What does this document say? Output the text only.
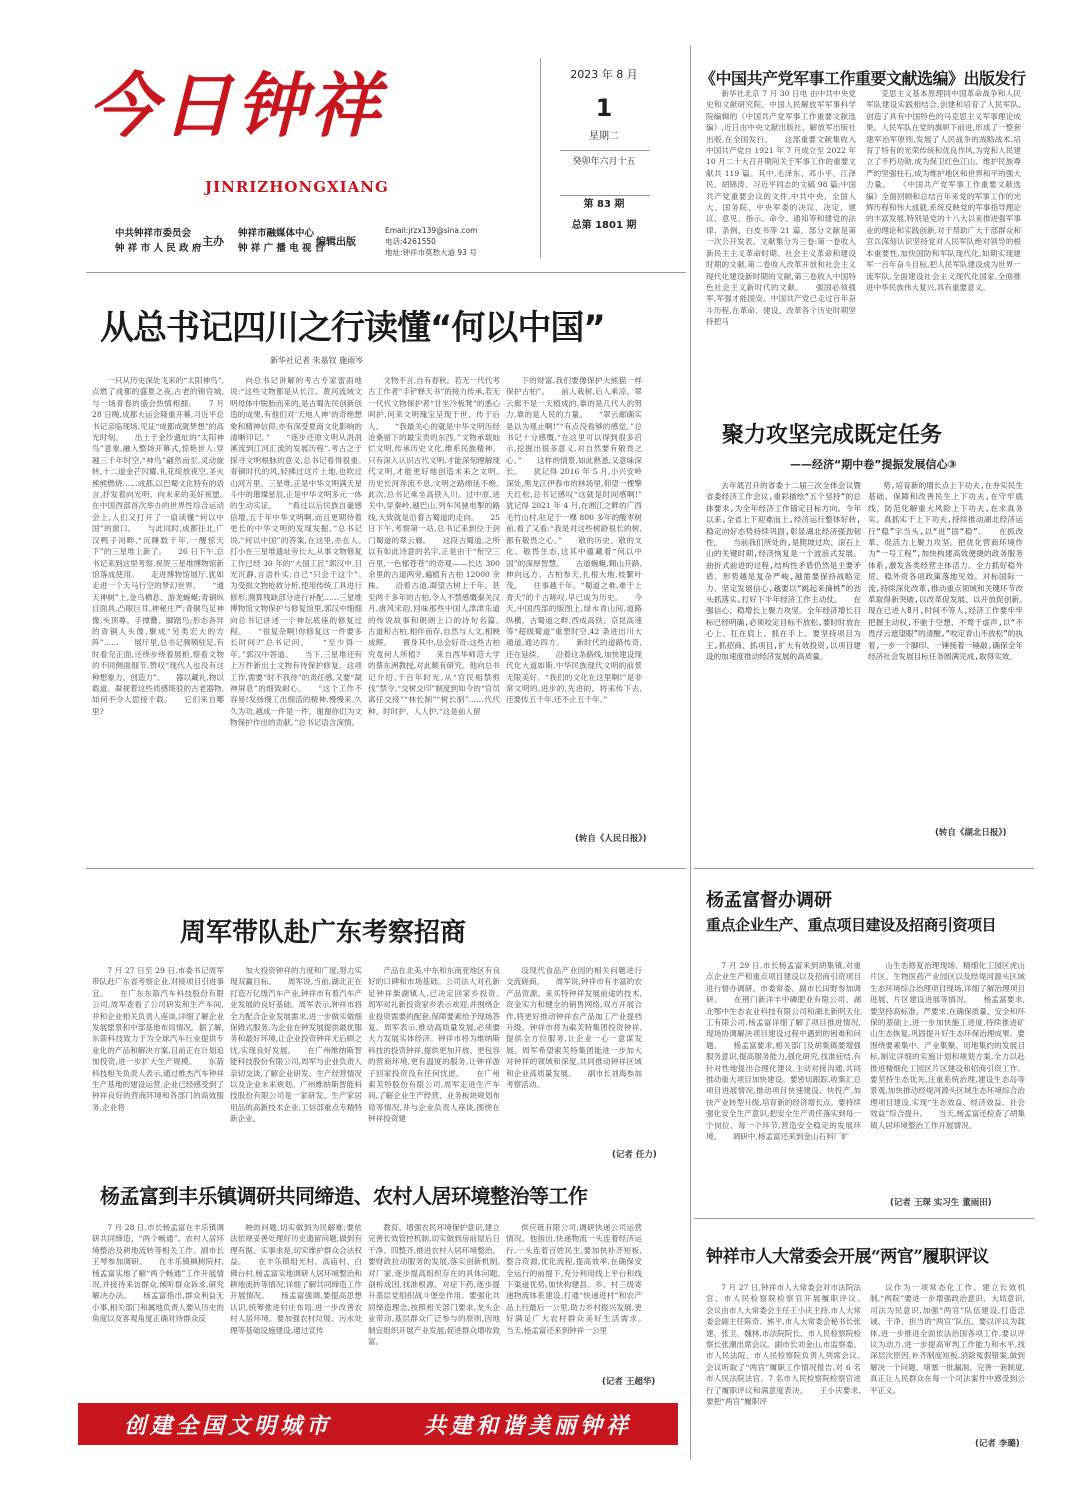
今日钟祥
JINRIZHONGXIANG
中共钟祥市委员会
钟 祥 市 人 民 政 府
主办
钟祥市融媒体中心
钟 祥 广 播 电 视 台
编辑出版
Email:jrzx139@sina.com
电话:4261550
地址:钟祥市莫愁大道 93 号
2023 年 8 月
1
星期二
癸卯年六月十五
第 83 期
总第 1801 期
《中国共产党军事工作重要文献选编》出版发行

新华社北京 7 月 30 日电 由中共中央党史和文献研究院、中国人民解放军军事科学院编辑的《中国共产党军事工作重要文献选编》,近日由中央文献出版社、解放军出版社出版,在全国发行。　　这部重要文献集收入中国共产党自 1921 年 7 月成立至 2022 年 10 月二十大召开期间关于军事工作的重要文献共 119 篇。其中,毛泽东、邓小平、江泽民、胡锦涛、习近平同志的文稿 98 篇;中国共产党重要会议的文件,中共中央、全国人大、国务院、中央军委的决议、决定、建议、意见、指示、命令、通知等和建党的法律、条例、白皮书等 21 篇。部分文献是第一次公开发表。文献集分为三卷:第一卷收入新民主主义革命时期、社会主义革命和建设时期的文献,第二卷收入改革开放和社会主义现代化建设新时期的文献,第三卷收入中国特色社会主义新时代的文献。　　强国必须强军,军强才能国安。中国共产党已走过百年奋斗历程,在革命、建设、改革各个历史时期坚持把马

克思主义基本原理同中国革命战争和人民军队建设实践相结合,创建和培育了人民军队,创造了具有中国特色的马克思主义军事理论成果。人民军队在党的旗帜下前进,形成了一整套建军治军原则,发展了人民战争的战略战术,培育了特有的光荣传统和优良作风,为党和人民建立了不朽功勋,成为保卫红色江山、维护民族尊严的坚强柱石,成为维护地区和世界和平的强大力量。　　《中国共产党军事工作重要文献选编》全面回顾和总结百年来党的军事工作的光辉历程和伟大成就,系统反映党的军事指导理论的丰富发展,特别是党的十八大以来推进强军事业的理论和实践创新,对于帮助广大干部群众和官兵深刻认识坚持党对人民军队绝对领导的根本重要性,加快国防和军队现代化,如期实现建军一百年奋斗目标,把人民军队建设成为世界一流军队,全面建设社会主义现代化国家,全面推进中华民族伟大复兴,具有重要意义。

从总书记四川之行读懂“何以中国”
新华社记者 朱基钗 施雨岑

一只从历史深处飞来的“太阳神鸟”,点燃了成都的盛夏之夜,古老的锦官城,与一场青春的盛会热情相拥。　　7 月 28 日晚,成都大运会隆重开幕,习近平总书记亲临现场,见证“成都成就梦想”的高光时刻。　　出土于金沙遗址的“太阳神鸟”意象,融入整场开幕式,惊艳世人:穿越三千年时空,“神鸟”翩然而至,灵动旋转,十二道金芒闪耀,礼花绽放夜空,圣火熊熊燃烧……成都,以巴蜀文化特有的语言,抒发着向光明、向未来的美好祝愿。　　在中国西部首次举办的世界性综合运动会上,人们又打开了一扇读懂“何以中国”的窗口。　　与此同时,成都往北,广汉鸭子河畔,“沉睡数千年,一醒惊天下”的三星堆上新了。　　26 日下午,总书记来到这里考察,祝贺三星堆博物馆新馆落成使用。　　走进博物馆展厅,犹如走进一个天马行空的梦幻世界。　　“通天神树”上,金乌栖息、游龙蜿蜒;青铜纵目面具,凸眼巨耳,神秘庄严;青铜鸟足神像,头顶尊、手撑罍、脚踏鸟;形态各异的青铜人头像,聚成“另类宏大的方阵”……　　展厅里,总书记频频驻足,有时看完正面,还绕步绕着展柜,察看文物的不同侧面细节,赞叹“现代人也没有这种想象力、创造力”。　　器以藏礼,物以载道。凝视着这些质感斑驳的古老器物,如何不令人思接千载。　　它们来自哪里?

向总书记讲解的考古专家雷雨地说:“这些文物都是从长江、黄河流域文明母体中脱胎而来的,是古蜀先民创新创造的成果,有他们对‘天地人神’的奇绝想象和精神信仰,亦有深受夏商文化影响的清晰印记。”　　“逐步还原文明从涓涓溪流到江河汇流的发展历程”,考古之于探寻文明根脉的意义,总书记看得很重。　　青铜时代的风,轻拂过这片土地,也吹过山河万里。三星堆,正是中华文明满天星斗中的璀璨星辰,正是中华文明多元一体的生动实证。　　“看过以后民族自豪感倍增,五千年中华文明啊,而且更期待着更长的中华文明的发现发掘。”总书记说,“何以中国”的答案,在这里,亦在人。　　打小在三星堆遗址旁长大,从事文物修复工作已经 30 年的“大国工匠”郭汉中,目光沉静,言语朴实;自己“只会干这个”。　　为受损文物抢救分析,使用传统工具进行修形,测算残缺部分进行补配……三星堆博物馆文物保护与修复馆里,郭汉中细细向总书记讲述一个神坛底座的修复过程。　　“很复杂啊!你修复这一件要多长时间?”总书记问。　　“至少得一年。”郭汉中答道。　　当下,三星堆还有上万件新出土文物有待保护修复。这项工作,需要“时不我待”的责任感,又要“凝神屏息”的细致耐心。　　“这个工作不容易!发扬慢工出细活的精神,慢慢来,久久为功,越成一件是一件。谢谢你们为文物保护作出的贡献。”总书记语含深情。

文物不言,自有春秋。若无一代代考古工作者“手铲释天书”的接力传承,若无一代代文物保护者“甘坐冷板凳”的悉心呵护,何来文明瑰宝呈现于世、传于后人。　　“我最关心的就是中华文明历经沧桑留下的最宝贵的东西。”文物承载灿烂文明,传承历史文化,维系民族精神。只有深入认识古代文明,才能深刻理解现代文明,才能更好地创造未来之文明。　　历史长河奔流不息,文明之路绵延不绝。　　此次,总书记乘坐高铁入川。过中原,进关中,穿秦岭,越巴山,列车风驰电掣的路线,大致就是沿着古蜀道的走向。　　25 日下午,考察第一站,总书记来到位于剑门蜀道的翠云廊。　　这段古蜀道,之所以有如此诗意的名字,正是由于“衔空三百里,一色郁苍苍”的奇观——长达 300 余里的古道两旁,遍植有古柏 12000 余株。　　沿着古道,凝望古树上千年、甚至两千多年的古柏,令人不禁感慨秦关汉月,唐风宋韵,回味那些中国人津津乐道的传说故事和朗朗上口的诗句名篇。　　古道和古柏,相伴而存,自然与人文,相映成辉。　　置身其中,总会好奇:这些古柏究竟何人所植?　　来自西华师范大学的蔡东洲教授,对此颇有研究。他向总书记介绍,千百年时光,从“官民相禁剪伐”禁令,“交树交印”制度到如今的“官员离任交接”“林长制”“树长制”……代代种、时时护、人人护,“这是前人留

下的财富,我们要像保护大熊猫一样保护古柏”。　　前人栽树,后人乘凉。翠云廊不是一天植成的,靠的是几代人的努力,靠的是人民的力量。　　“翠云廊确实是以为观止啊!”“有点没看够的感觉。”总书记十分感慨,“在这里可以得到很多启示,挖掘出很多意义,对自然要有敬畏之心。”　　这样的情景,如此熟悉,又意味深长。　　犹记得 2016 年 5 月,小兴安岭深处,黑龙江伊春市的林场里,仰望一棵擎天红松,总书记感叹“这就是时间感啊!”　　犹记得 2021 年 4 月,在湘江之畔的广西毛竹山村,驻足于一棵 800 多年的酸枣树前,看了又看:“我是对这些树龄很长的树,都有敬畏之心。”　　敬的历史、敬的文化、敬畏生态,这其中蕴藏着“何以中国”的深厚智慧。　　古道蜿蜒,翱山开路,伸向远方。古柏参天,扎根大地,枝繁叶茂。　　往事越千年。“蜀道之难,难于上青天”的千古嗟叹,早已成为历史。　　今天,中国西部的版图上,绿水青山间,道路纵横。古蜀道之畔,西成高铁、京昆高速等“超级蜀道”重塑时空,42 条进出川大通道,通达四方。　　新时代的道路传奇,还在延续。　　沿着这条路线,加快建设现代化大道如斯,中华民族现代文明的前景无限美好。“我们的文化在这里啊!”是非常文明的,进步的,先进的。将来传下去,还要传五千年,还不止五千年。”

(转自《人民日报》)
聚力攻坚完成既定任务
——经济“期中卷”提振发展信心③

去年底召开的省委十二届三次全体会议暨省委经济工作会议,重彩描绘“五个坚持”的总体要求,为全年经济工作锚定目标方向。今年以来,全省上下迎难而上,经济运行整体好转,稳定向好态势持续巩固,彰显湖北经济强劲韧性。　　当前我们所处的,是爬坡过坎、滚石上山的关键时期,经济恢复是一个波浪式发展、曲折式前进的过程,结构性矛盾仍然是主要矛盾。形势越是复杂严峻,越需要保持战略定力、坚定发展信心,越要以“跳起来摘桃”的劲头抓落实,打好下半年经济工作主动仗。　　在强信心、稳增长上聚力攻坚。全年经济增长目标已经明确,必须咬定目标不放松,要时时放在心上、扛在肩上、抓在手上。要坚持项目为王,抓招商、抓项目,扩大有效投资,以项目建设的加速度推动经济发展的高质量。

势,培育新的增长点上下功夫,在夯实民生基础、保障和改善民生上下功夫,在守牢底线、防范化解重大风险上下功夫,在求真务实、真抓实干上下功夫,持续推动湖北经济运行“稳”字当头,以“进”固“稳”。　　在抓改革、促活力上聚力攻坚。把优化营商环境作为“一号工程”,加快构建高效便捷的政务服务体系,激发各类经营主体活力。全力抓好稳外贸、稳外资各项政策落地见效。对标国际一流,持续深化改革,推动重点领域和关键环节改革取得新突破,以改革促发展、以开放促创新。　　现在已进入8月,时间不等人,经济工作要牢牢把握主动权,不驰于空想、不骛于虚声,以“不畏浮云遮望眼”的清醒,“咬定青山不放松”的执着,一步一个脚印、一锤接着一锤敲,确保全年经济社会发展目标任务圆满完成,取得实效。

(转自《湖北日报》)
周军带队赴广东考察招商

7 月 27 日至 29 日,市委书记周军带队赴广东省考察企业,对接项目引进事宜。　　在广东东箭汽车科技股份有限公司,周军查看了公司研发和生产车间,并和企业相关负责人座谈,详细了解企业发展愿景和中部基地布局情况。据了解,东箭科技致力于为全球汽车行业提供专业化的产品和解决方案,目前正在计划追加投资,进一步扩大生产规模。　　东箭科技相关负责人表示,通过维杰汽车钟祥生产基地的建设运营,企业已经感受到了钟祥良好的营商环境和各部门的高效服务,企业将

加大投资钟祥的力度和广度,努力实现双赢目标。　　周军说,当前,湖北正在打造万亿级汽车产业,钟祥市有着汽车产业发展的良好基础。周军表示,钟祥市将全力配合企业发展需求,进一步做实做细保姆式服务,为企业在钟发展提供最优服务和最好环境,让企业投资钟祥无后顾之忧,实现良好发展。　　在广州维纳斯智能科技股份有限公司,周军与企业负责人亲切交谈,了解企业研发、生产经营情况以及企业未来规划。广州维纳斯智能科技股份有限公司是一家研发、生产家居用品的高新技术企业,工信部重点专精特新企业。

产品在北美,中东和东南亚地区有良好的口碑和市场基础。公司法人对孔新足钟祥柴湖镇人,已决定回家乡投资。　　周军对礼新投资家乡表示欢迎,并围绕企业投资需要的配套,保障要素给予现场答复。周军表示,推动高质量发展,必须要大力发展实体经济。钟祥市将为维纳斯科技的投资钟祥,提供更加开放、更包容的营商环境,更有温度的服务,让钟祥游子回家投资没有任何忧虑。　　在广州索芙特股份有限公司,周军走进生产车间,了解企业生产经营、业务板块规划布局等情况,并与企业负责人座谈,围绕在钟祥投资建

设现代食品产业园的相关问题进行交流磋商。　　周军说,钟祥市有丰富的农产品资源、来买特钟祥发展前途的技术,资金实力和健全的销售网络,双方开展合作,将更好推动钟祥农产品加工产业提档升级。钟祥市将为索芙特集团投资钟祥,提供全方位服务,让企业一心一意谋发展。周军希望索芙特集团能进一步加大对钟祥的领域和深度,共同推动钟祥区域和企业高质量发展。　　副市长刘海参加考察活动。

(记者 任力)
杨孟富到丰乐镇调研共同缔造、农村人居环境整治等工作

7 月 28 日,市长杨孟富在丰乐镇调研共同缔造、“两个畅通”、农村人居环境整治及耕地流转等相关工作。副市长王琴参加调研。　　在丰乐镇枫树院村,杨孟富实地了解“两个畅通”工作开展情况,并接待来访群众,倾听群众诉求,研究解决办法。　　杨孟富指出,群众利益无小事,相关部门和属地负责人要从历史的角度以及客观角度正确对待群众反

映的问题,切实做到为民解难;要依法依规妥善处理好历史遗留问题,做到有理有据、实事求是,切实维护群众合法权益。　　在丰乐镇组光村、高庙村、白佛台村,杨孟富实地调研人居环境整治和耕地流转等情况,详细了解共同缔造工作开展情况。　　杨孟富强调,要提高思想认识,统筹推进村庄布局,进一步改善农村人居环境。要加强农村垃圾、污水处理等基础设施建设,通过宣传

教育、增强农民环境保护意识,建立完善长效管控机制,切实做到房前屋后日干净、四整齐,推进农村人居环境整治。要财政拉动服务的发展,落实创新机制,对厂家,逐步提高组织存在的具体问题,剖析成因,找准根源、对症下药,逐步提升基层党组织战斗堡垒作用。要强化共同缔造理念,按照相关部门要求,龙头企业带动,基层群众广泛参与的原则,因地制宜组织开展产业发展,促进群众增收致富。

供应链有限公司,调研快递公司运营情况。他指出,快递物流一头连着经济运行,一头连着百姓民生,要加快补齐短板,整合资源,优化流程,提高效率,在确保安全运行的前提下,充分利用线上平台和线下渠道优势,加快构建县、乡、村三级寄递物流体系建设,打通“快递进村”和农产品上行最后一公里,助力乡村振兴发展,更好满足广大农村群众美好生活需求。　　当天,杨孟富还来到钟祥一公里

(记者 王超华)
创建全国文明城市	共建和谐美丽钟祥
杨孟富督办调研
重点企业生产、重点项目建设及招商引资项目

7 月 29 日,市长杨孟富来到胡集镇,对重点企业生产和重点项目建设以及招商引资项目进行督办调研。市委常委、副市长田野参加调研。　　在荆门新洋丰中磷肥业有限公司、湖北鄂中生态农业科技有限公司和湖北新明天化工有限公司,杨孟富详细了解了项目推进情况,现场协调解决项目建设过程中遇到的困难和问题。　　杨孟富要求,相关部门及胡集镇要增强服务意识,提高服务能力,强化研究,找准症结,有针对性地提出合理化建议,主动对接沟通,共同推动重大项目加快建设。要密切跟踪,收集汇总项目进展情况,推动项目快速建设、快投产,加快产业转型升级,培育新的经济增长点。要持续强化安全生产意识,把安全生产责任落实到每一个岗位、每一个环节,营造安全稳定的发展环境。　　调研中,杨孟富还来到金山石料厂旷

山生态修复治理现场、精细化工园区虎山片区、生物医药产业园区以及经堤河源头区域生态环境综合治理项目现场,详细了解治理项目进展、片区建设进展等情况。　　杨孟富要求,要坚持高标准、严要求,在确保质量、安全和环保的基础上,进一步加快施工进度,持续推进矿山生态恢复,巩固提升好生态环保治理成果。要围绕要素集中、产业集聚、用地集约的发展目标,制定详细的实施计划和规划方案,全力以赴推进精细化工园区片区建设和招商引资工作。要坚持生态优先,注重系统治理,建设生态岛等景观,加快推动经堤河源头区域生态环境综合治理项目建设,实现“生态效益、经济效益、社会效益”综合提升。　　当天,杨孟富还检查了胡集镇人居环境整治工作开展情况。

(记者 王琛 实习生 董雨田)
钟祥市人大常委会开展“两官”履职评议

7 月 27 日,钟祥市人大常委会对市法院法官、市人民检察院检察官开展履职评议。　　会议由市人大常委会主任王小庆主持,市人大常委会副主任陈奇、熊平,市人大常委会秘书长张建、张卫、魏林,市法院院长、市人民检察院检察长张潮出席会议。副市长刘金山,市监察委、市人民法院、市人民检察院负责人列席会议。　　会议听取了“两官”履职工作情况报告,对 6 名市人民法院法官、7 名市人民检察院检察官进行了履职评议和满意度表决。　　王小庆要求,要把“两官”履职评

议作为一项常态化工作。建立长效机制,“两院”要进一步增强政治意识、大局意识,司法为民意识,加强“两官”队伍建设,打造忠诚、干净、担当的“两官”队伍。要以评议为载体,进一步推进全面依法治国各项工作,要以评议为动力,进一步提高审判工作能力和水平,找深层次原因,补齐制度短板,消除冤假错案,做到解决一个问题、堵塞一批漏洞、完善一套制度,真正让人民群众在每一个司法案件中感受到公平正义。

(记者 李璐)
